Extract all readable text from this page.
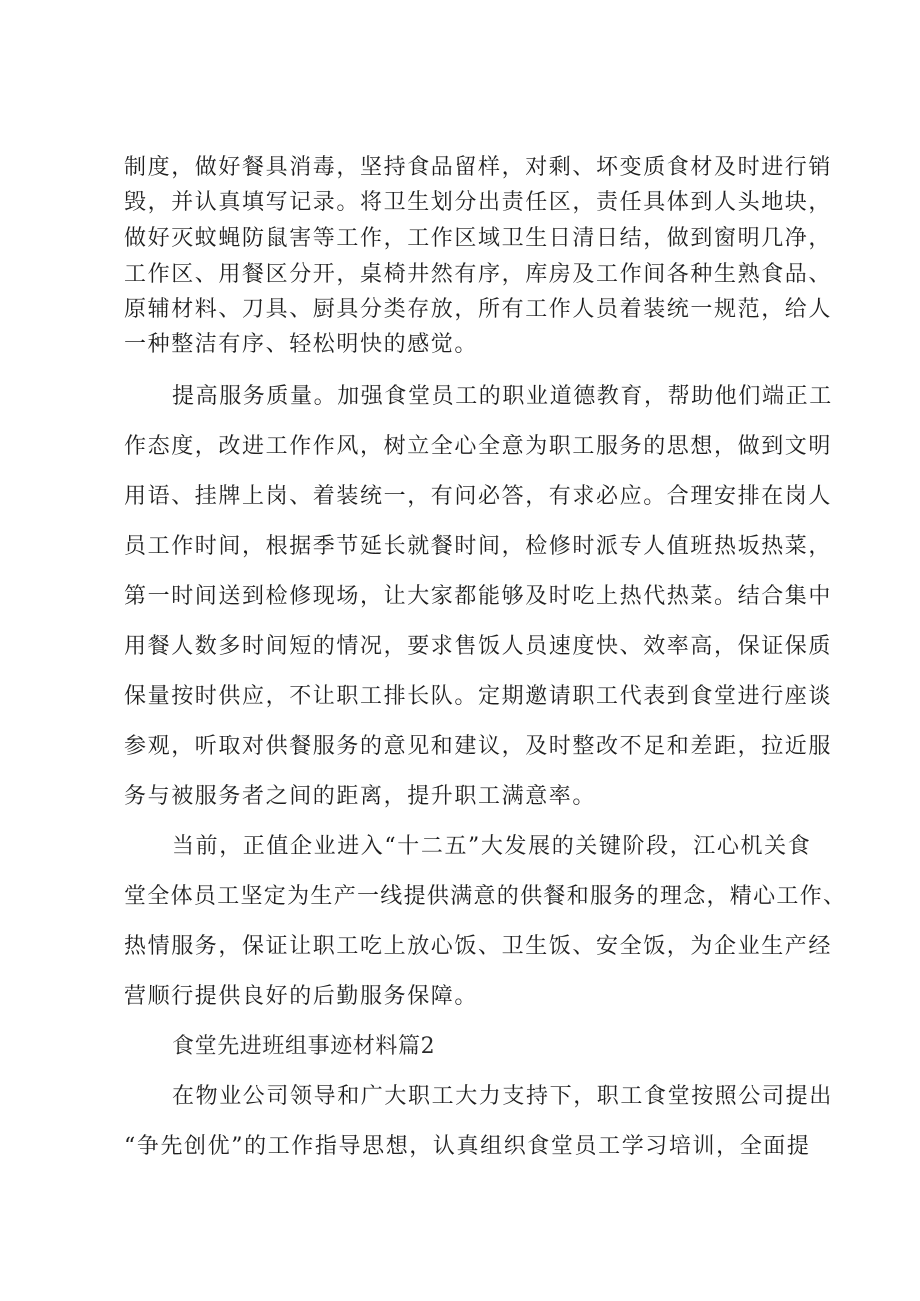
制度，做好餐具消毒，坚持食品留样，对剩、坏变质食材及时进行销
毁，并认真填写记录。将卫生划分出责任区，责任具体到人头地块，
做好灭蚊蝇防鼠害等工作，工作区域卫生日清日结，做到窗明几净，
工作区、用餐区分开，桌椅井然有序，库房及工作间各种生熟食品、
原辅材料、刀具、厨具分类存放，所有工作人员着装统一规范，给人
一种整洁有序、轻松明快的感觉。
提高服务质量。加强食堂员工的职业道德教育，帮助他们端正工
作态度，改进工作作风，树立全心全意为职工服务的思想，做到文明
用语、挂牌上岗、着装统一，有问必答，有求必应。合理安排在岗人
员工作时间，根据季节延长就餐时间，检修时派专人值班热坂热菜，
第一时间送到检修现场，让大家都能够及时吃上热代热菜。结合集中
用餐人数多时间短的情况，要求售饭人员速度快、效率高，保证保质
保量按时供应，不让职工排长队。定期邀请职工代表到食堂进行座谈
参观，听取对供餐服务的意见和建议，及时整改不足和差距，拉近服
务与被服务者之间的距离，提升职工满意率。
当前，正值企业进入“十二五”大发展的关键阶段，江心机关食
堂全体员工坚定为生产一线提供满意的供餐和服务的理念，精心工作、
热情服务，保证让职工吃上放心饭、卫生饭、安全饭，为企业生产经
营顺行提供良好的后勤服务保障。
食堂先进班组事迹材料篇2
在物业公司领导和广大职工大力支持下，职工食堂按照公司提出
“争先创优”的工作指导思想，认真组织食堂员工学习培训，全面提
